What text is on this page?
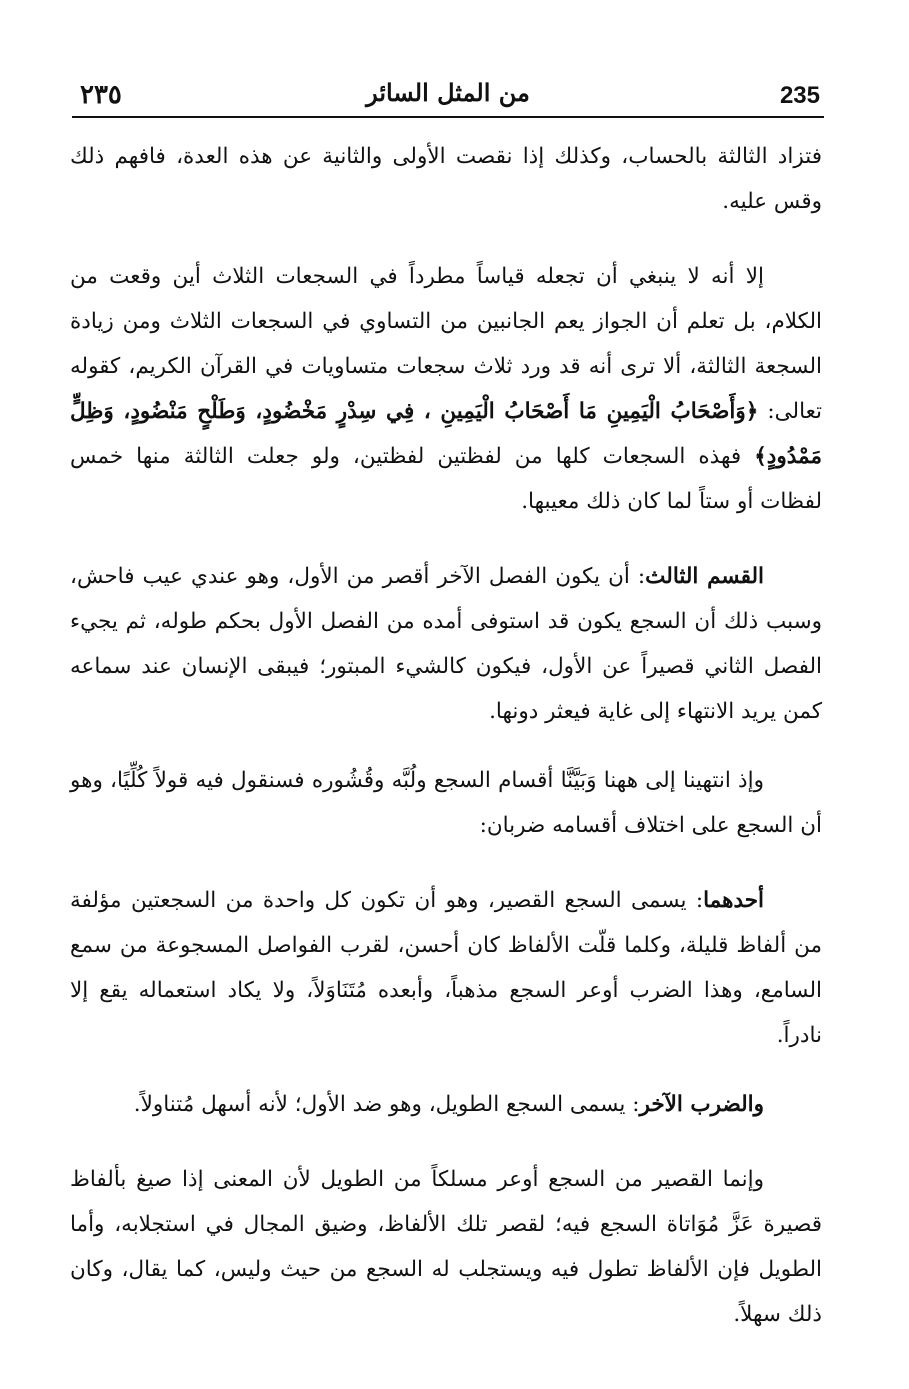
٢٣٥	من المثل السائر	235

فتزاد الثالثة بالحساب، وكذلك إذا نقصت الأولى والثانية عن هذه العدة، فافهم ذلك وقس عليه.

إلا أنه لا ينبغي أن تجعله قياساً مطرداً في السجعات الثلاث أين وقعت من الكلام، بل تعلم أن الجواز يعم الجانبين من التساوي في السجعات الثلاث ومن زيادة السجعة الثالثة، ألا ترى أنه قد ورد ثلاث سجعات متساويات في القرآن الكريم، كقوله تعالى: ﴿وَأَصْحَابُ الْيَمِينِ مَا أَصْحَابُ الْيَمِينِ ، فِي سِدْرٍ مَخْضُودٍ، وَطَلْحٍ مَنْضُودٍ، وَظِلٍّ مَمْدُودٍ﴾ فهذه السجعات كلها من لفظتين لفظتين، ولو جعلت الثالثة منها خمس لفظات أو ستاً لما كان ذلك معيبها.

القسم الثالث: أن يكون الفصل الآخر أقصر من الأول، وهو عندي عيب فاحش، وسبب ذلك أن السجع يكون قد استوفى أمده من الفصل الأول بحكم طوله، ثم يجيء الفصل الثاني قصيراً عن الأول، فيكون كالشيء المبتور؛ فيبقى الإنسان عند سماعه كمن يريد الانتهاء إلى غاية فيعثر دونها.

وإذ انتهينا إلى ههنا وَبَيَّنَّا أقسام السجع ولُبَّه وقُشُوره فسنقول فيه قولاً كُلِّيًا، وهو أن السجع على اختلاف أقسامه ضربان:

أحدهما: يسمى السجع القصير، وهو أن تكون كل واحدة من السجعتين مؤلفة من ألفاظ قليلة، وكلما قلّت الألفاظ كان أحسن، لقرب الفواصل المسجوعة من سمع السامع، وهذا الضرب أوعر السجع مذهباً، وأبعده مُتَنَاوَلاً، ولا يكاد استعماله يقع إلا نادراً.

والضرب الآخر: يسمى السجع الطويل، وهو ضد الأول؛ لأنه أسهل مُتناولاً.

وإنما القصير من السجع أوعر مسلكاً من الطويل لأن المعنى إذا صيغ بألفاظ قصيرة عَزَّ مُوَاتاة السجع فيه؛ لقصر تلك الألفاظ، وضيق المجال في استجلابه، وأما الطويل فإن الألفاظ تطول فيه ويستجلب له السجع من حيث وليس، كما يقال، وكان ذلك سهلاً.
